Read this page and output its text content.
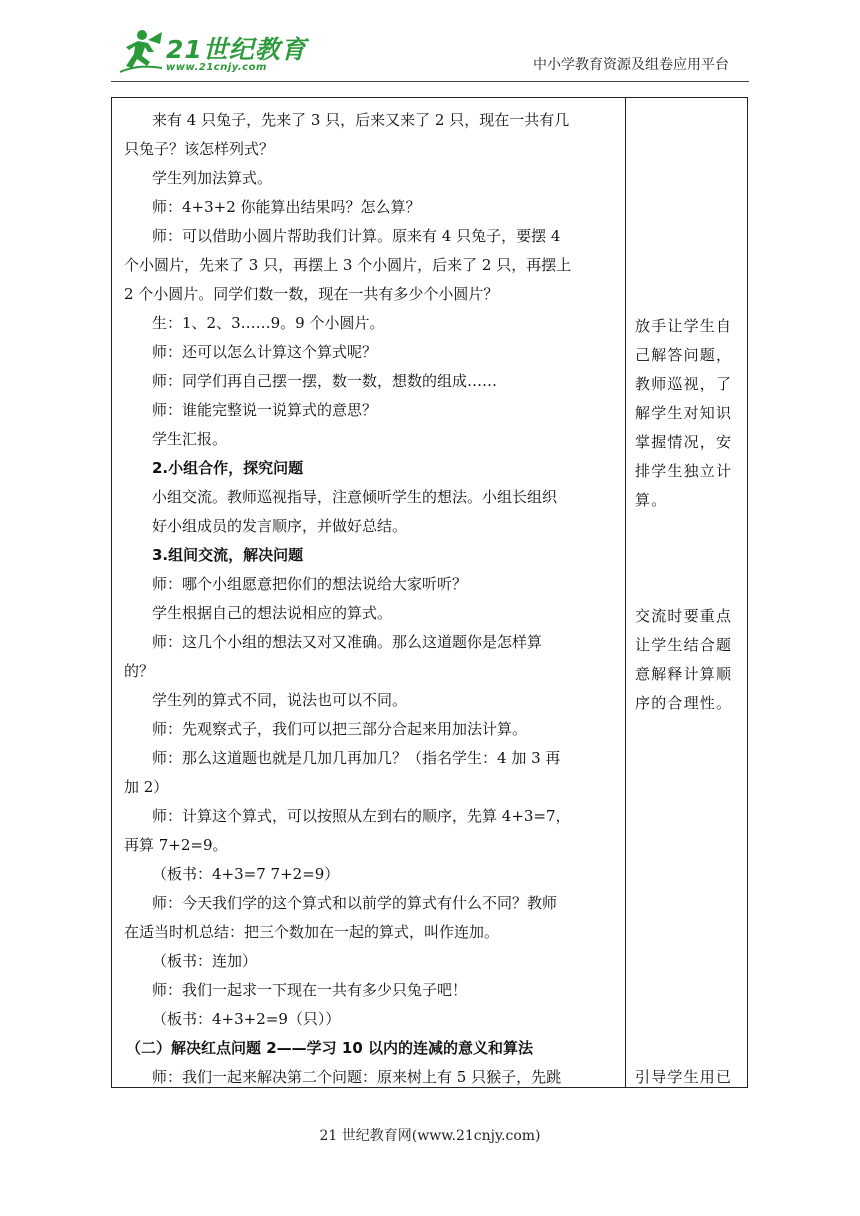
21世纪教育
www.21cnjy.com	中小学教育资源及组卷应用平台
来有 4 只兔子，先来了 3 只，后来又来了 2 只，现在一共有几
只兔子？该怎样列式？
学生列加法算式。
师：4+3+2 你能算出结果吗？怎么算？
师：可以借助小圆片帮助我们计算。原来有 4 只兔子，要摆 4
个小圆片，先来了 3 只，再摆上 3 个小圆片，后来了 2 只，再摆上
2 个小圆片。同学们数一数，现在一共有多少个小圆片？
生：1、2、3……9。9 个小圆片。
师：还可以怎么计算这个算式呢？
师：同学们再自己摆一摆，数一数，想数的组成……
师：谁能完整说一说算式的意思？
学生汇报。
2.小组合作，探究问题
小组交流。教师巡视指导，注意倾听学生的想法。小组长组织
好小组成员的发言顺序，并做好总结。
3.组间交流，解决问题
师：哪个小组愿意把你们的想法说给大家听听？
学生根据自己的想法说相应的算式。
师：这几个小组的想法又对又准确。那么这道题你是怎样算
的？
学生列的算式不同，说法也可以不同。
师：先观察式子，我们可以把三部分合起来用加法计算。
师：那么这道题也就是几加几再加几？（指名学生：4 加 3 再
加 2）
师：计算这个算式，可以按照从左到右的顺序，先算 4+3=7，
再算 7+2=9。
（板书：4+3=7 7+2=9）
师：今天我们学的这个算式和以前学的算式有什么不同？教师
在适当时机总结：把三个数加在一起的算式，叫作连加。
（板书：连加）
师：我们一起求一下现在一共有多少只兔子吧！
（板书：4+3+2=9（只））
（二）解决红点问题 2——学习 10 以内的连减的意义和算法
师：我们一起来解决第二个问题：原来树上有 5 只猴子，先跳
放手让学生自
己解答问题，
教师巡视，了
解学生对知识
掌握情况，安
排学生独立计
算。
交流时要重点
让学生结合题
意解释计算顺
序的合理性。
引导学生用已
21 世纪教育网(www.21cnjy.com)
